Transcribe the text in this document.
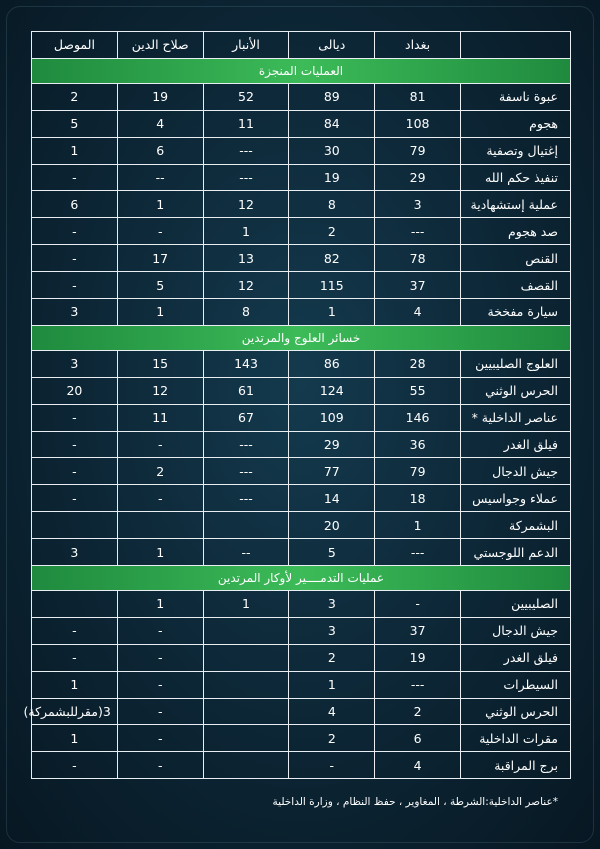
	بغداد	ديالى	الأنبار	صلاح الدين	الموصل
العمليات المنجزة					
عبوة ناسفة	81	89	52	19	2
هجوم	108	84	11	4	5
إغتيال وتصفية	79	30	---	6	1
تنفيذ حكم الله	29	19	---	--	-
عملية إستشهادية	3	8	12	1	6
صد هجوم	---	2	1	-	-
القنص	78	82	13	17	-
القصف	37	115	12	5	-
سيارة مفخخة	4	1	8	1	3
خسائر العلوج والمرتدين					
العلوج الصليبيين	28	86	143	15	3
الحرس الوثني	55	124	61	12	20
عناصر الداخلية *	146	109	67	11	-
فيلق الغدر	36	29	---	-	-
جيش الدجال	79	77	---	2	-
عملاء وجواسيس	18	14	---	-	-
البشمركة	1	20			
الدعم اللوجستي	---	5	--	1	3
عمليات التدمــــير لأوكار المرتدين					
الصليبيين	-	3	1	1	
جيش الدجال	37	3		-	-
فيلق الغدر	19	2		-	-
السيطرات	---	1		-	1
الحرس الوثني	2	4		-	3(مقرللبشمركة)
مقرات الداخلية	6	2		-	1
برج المراقبة	4	-		-	-
*عناصر الداخلية:الشرطة ، المغاوير ، حفظ النظام ، وزارة الداخلية
